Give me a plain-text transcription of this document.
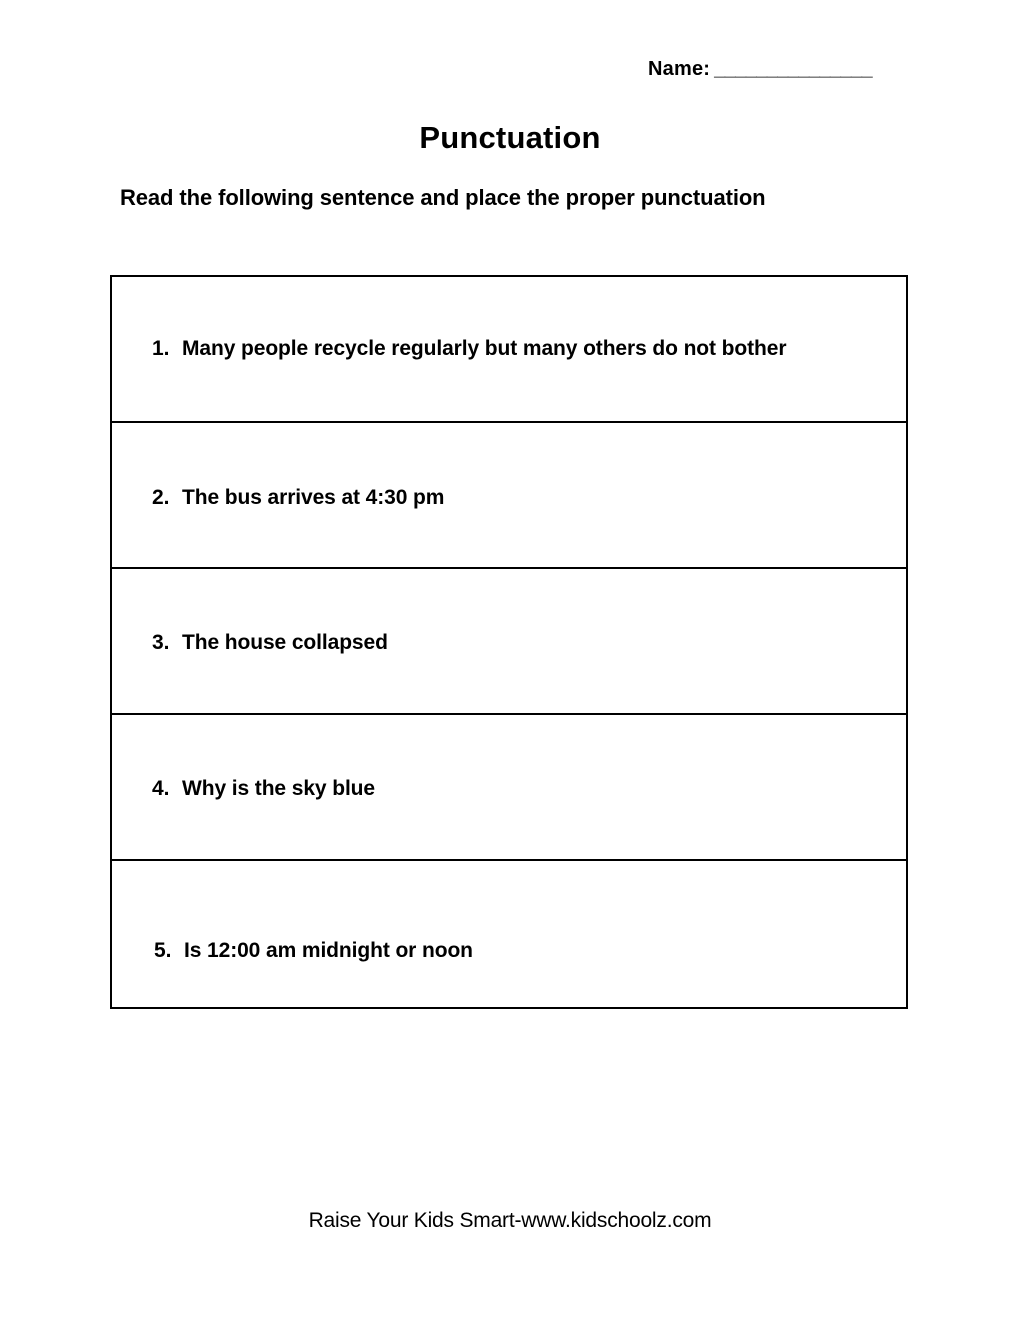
Name: _______________
Punctuation
Read the following sentence and place the proper punctuation
1. Many people recycle regularly but many others do not bother
2. The bus arrives at 4:30 pm
3. The house collapsed
4. Why is the sky blue
5. Is 12:00 am midnight or noon
Raise Your Kids Smart-www.kidschoolz.com
